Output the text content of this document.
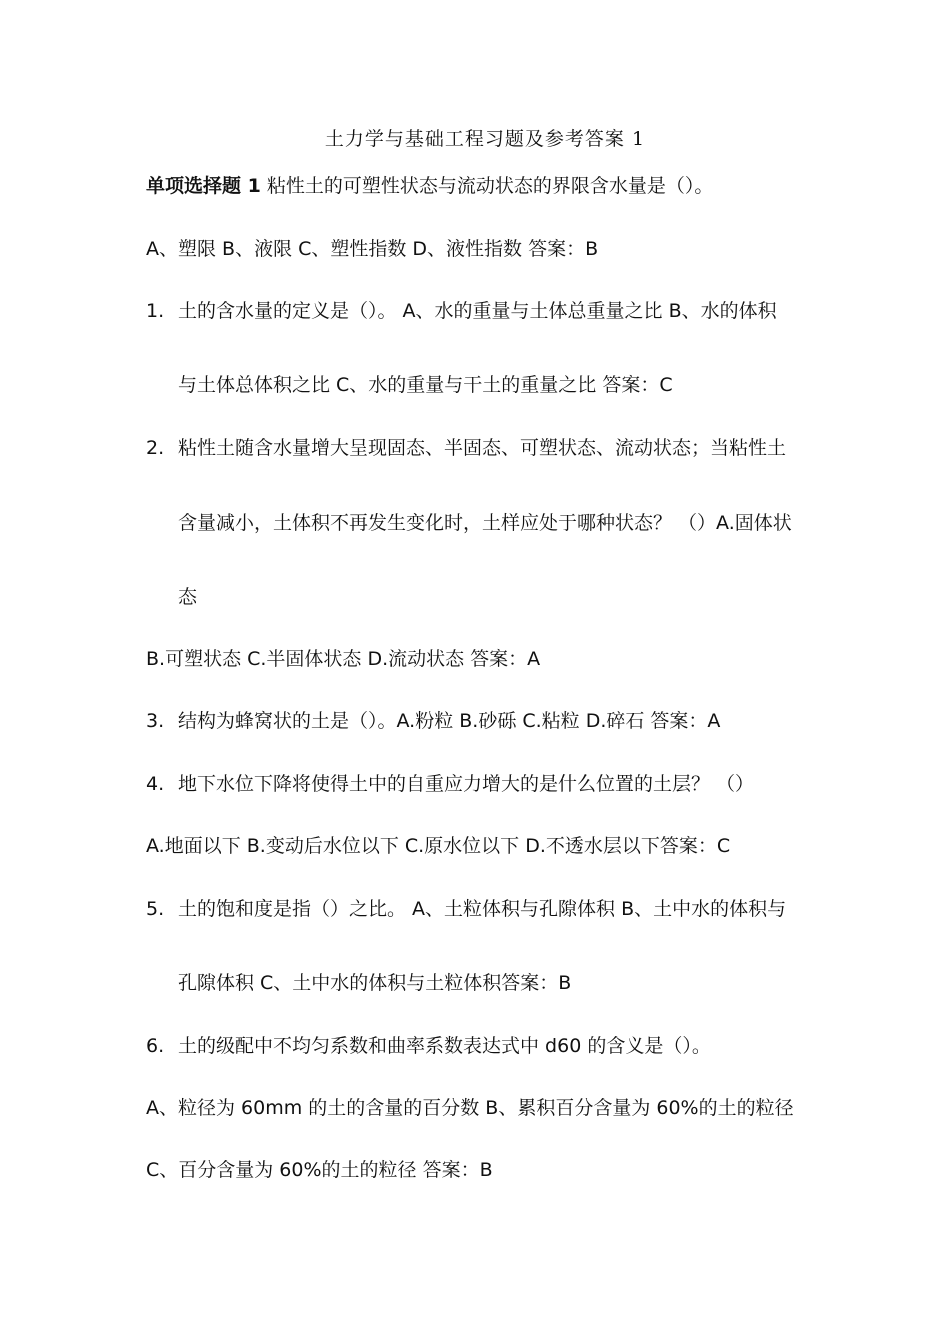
土力学与基础工程习题及参考答案 1
单项选择题 1 粘性土的可塑性状态与流动状态的界限含水量是（）。
A、塑限 B、液限 C、塑性指数 D、液性指数 答案：B
1. 土的含水量的定义是（）。 A、水的重量与土体总重量之比 B、水的体积
与土体总体积之比 C、水的重量与干土的重量之比 答案：C
2. 粘性土随含水量增大呈现固态、半固态、可塑状态、流动状态；当粘性土
含量减小，土体积不再发生变化时，土样应处于哪种状态？ （）A.固体状
态
B.可塑状态 C.半固体状态 D.流动状态 答案：A
3. 结构为蜂窝状的土是（）。A.粉粒 B.砂砾 C.粘粒 D.碎石 答案：A
4. 地下水位下降将使得土中的自重应力增大的是什么位置的土层？ （）
A.地面以下 B.变动后水位以下 C.原水位以下 D.不透水层以下答案：C
5. 土的饱和度是指（）之比。 A、土粒体积与孔隙体积 B、土中水的体积与
孔隙体积 C、土中水的体积与土粒体积答案：B
6. 土的级配中不均匀系数和曲率系数表达式中 d60 的含义是（）。
A、粒径为 60mm 的土的含量的百分数 B、累积百分含量为 60%的土的粒径
C、百分含量为 60%的土的粒径 答案：B
